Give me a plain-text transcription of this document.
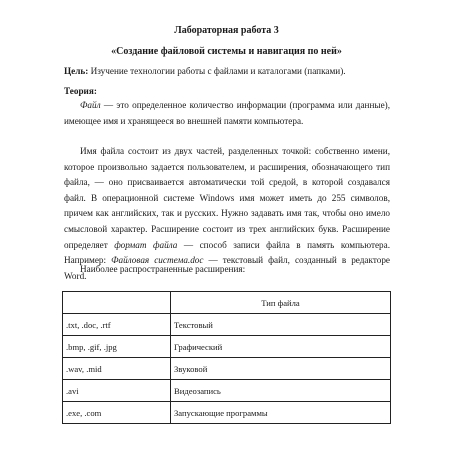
Лабораторная работа 3
«Создание файловой системы и навигация по ней»

Цель: Изучение технологии работы с файлами и каталогами (папками).

Теория:

Файл — это определенное количество информации (программа или данные), имеющее имя и хранящееся во внешней памяти компьютера.

Имя файла состоит из двух частей, разделенных точкой: собственно имени, которое произвольно задается пользователем, и расширения, обозначающего тип файла, — оно присваивается автоматически той средой, в которой создавался файл. В операционной системе Windows имя может иметь до 255 символов, причем как английских, так и русских. Нужно задавать имя так, чтобы оно имело смысловой характер. Расширение состоит из трех английских букв. Расширение определяет формат файла — способ записи файла в память компьютера. Например: Файловая система.doc — текстовый файл, созданный в редакторе Word.

Наиболее распространенные расширения:

	Тип файла
.txt, .doc, .rtf	Текстовый
.bmp, .gif, .jpg	Графический
.wav, .mid	Звуковой
.avi	Видеозапись
.exe, .com	Запускающие программы
